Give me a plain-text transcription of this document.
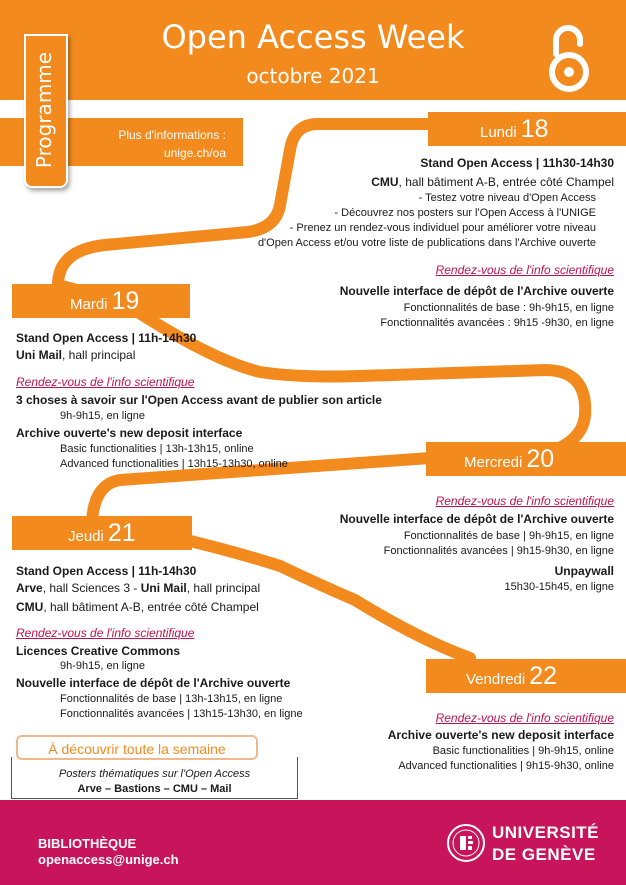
Open Access Week
octobre 2021
Plus d'informations :
unige.ch/oa
Programme	Lundi 18
Stand Open Access | 11h30-14h30
CMU, hall bâtiment A-B, entrée côté Champel
- Testez votre niveau d'Open Access
- Découvrez nos posters sur l'Open Access à l'UNIGE
- Prenez un rendez-vous individuel pour améliorer votre niveau
d'Open Access et/ou votre liste de publications dans l'Archive ouverte
Rendez-vous de l'info scientifique
Nouvelle interface de dépôt de l'Archive ouverte
Fonctionnalités de base : 9h-9h15, en ligne
Fonctionnalités avancées : 9h15 -9h30, en ligne
Mardi 19
Stand Open Access | 11h-14h30
Uni Mail, hall principal
Rendez-vous de l'info scientifique
3 choses à savoir sur l'Open Access avant de publier son article
9h-9h15, en ligne
Archive ouverte's new deposit interface
Basic functionalities | 13h-13h15, online
Advanced functionalities | 13h15-13h30, online	Mercredi 20
Rendez-vous de l'info scientifique
Nouvelle interface de dépôt de l'Archive ouverte
Fonctionnalités de base | 9h-9h15, en ligne
Fonctionnalités avancées | 9h15-9h30, en ligne
Unpaywall
15h30-15h45, en ligne
Jeudi 21
Stand Open Access | 11h-14h30
Arve, hall Sciences 3 - Uni Mail, hall principal
CMU, hall bâtiment A-B, entrée côté Champel
Rendez-vous de l'info scientifique
Licences Creative Commons
9h-9h15, en ligne
Nouvelle interface de dépôt de l'Archive ouverte
Fonctionnalités de base | 13h-13h15, en ligne
Fonctionnalités avancées | 13h15-13h30, en ligne
Vendredi 22
Rendez-vous de l'info scientifique
Archive ouverte's new deposit interface
Basic functionalities | 9h-9h15, online
Advanced functionalities | 9h15-9h30, online
À découvrir toute la semaine
Posters thématiques sur l'Open Access
Arve – Bastions – CMU – Mail
BIBLIOTHÈQUE
openaccess@unige.ch
UNIVERSITÉ
DE GENÈVE
